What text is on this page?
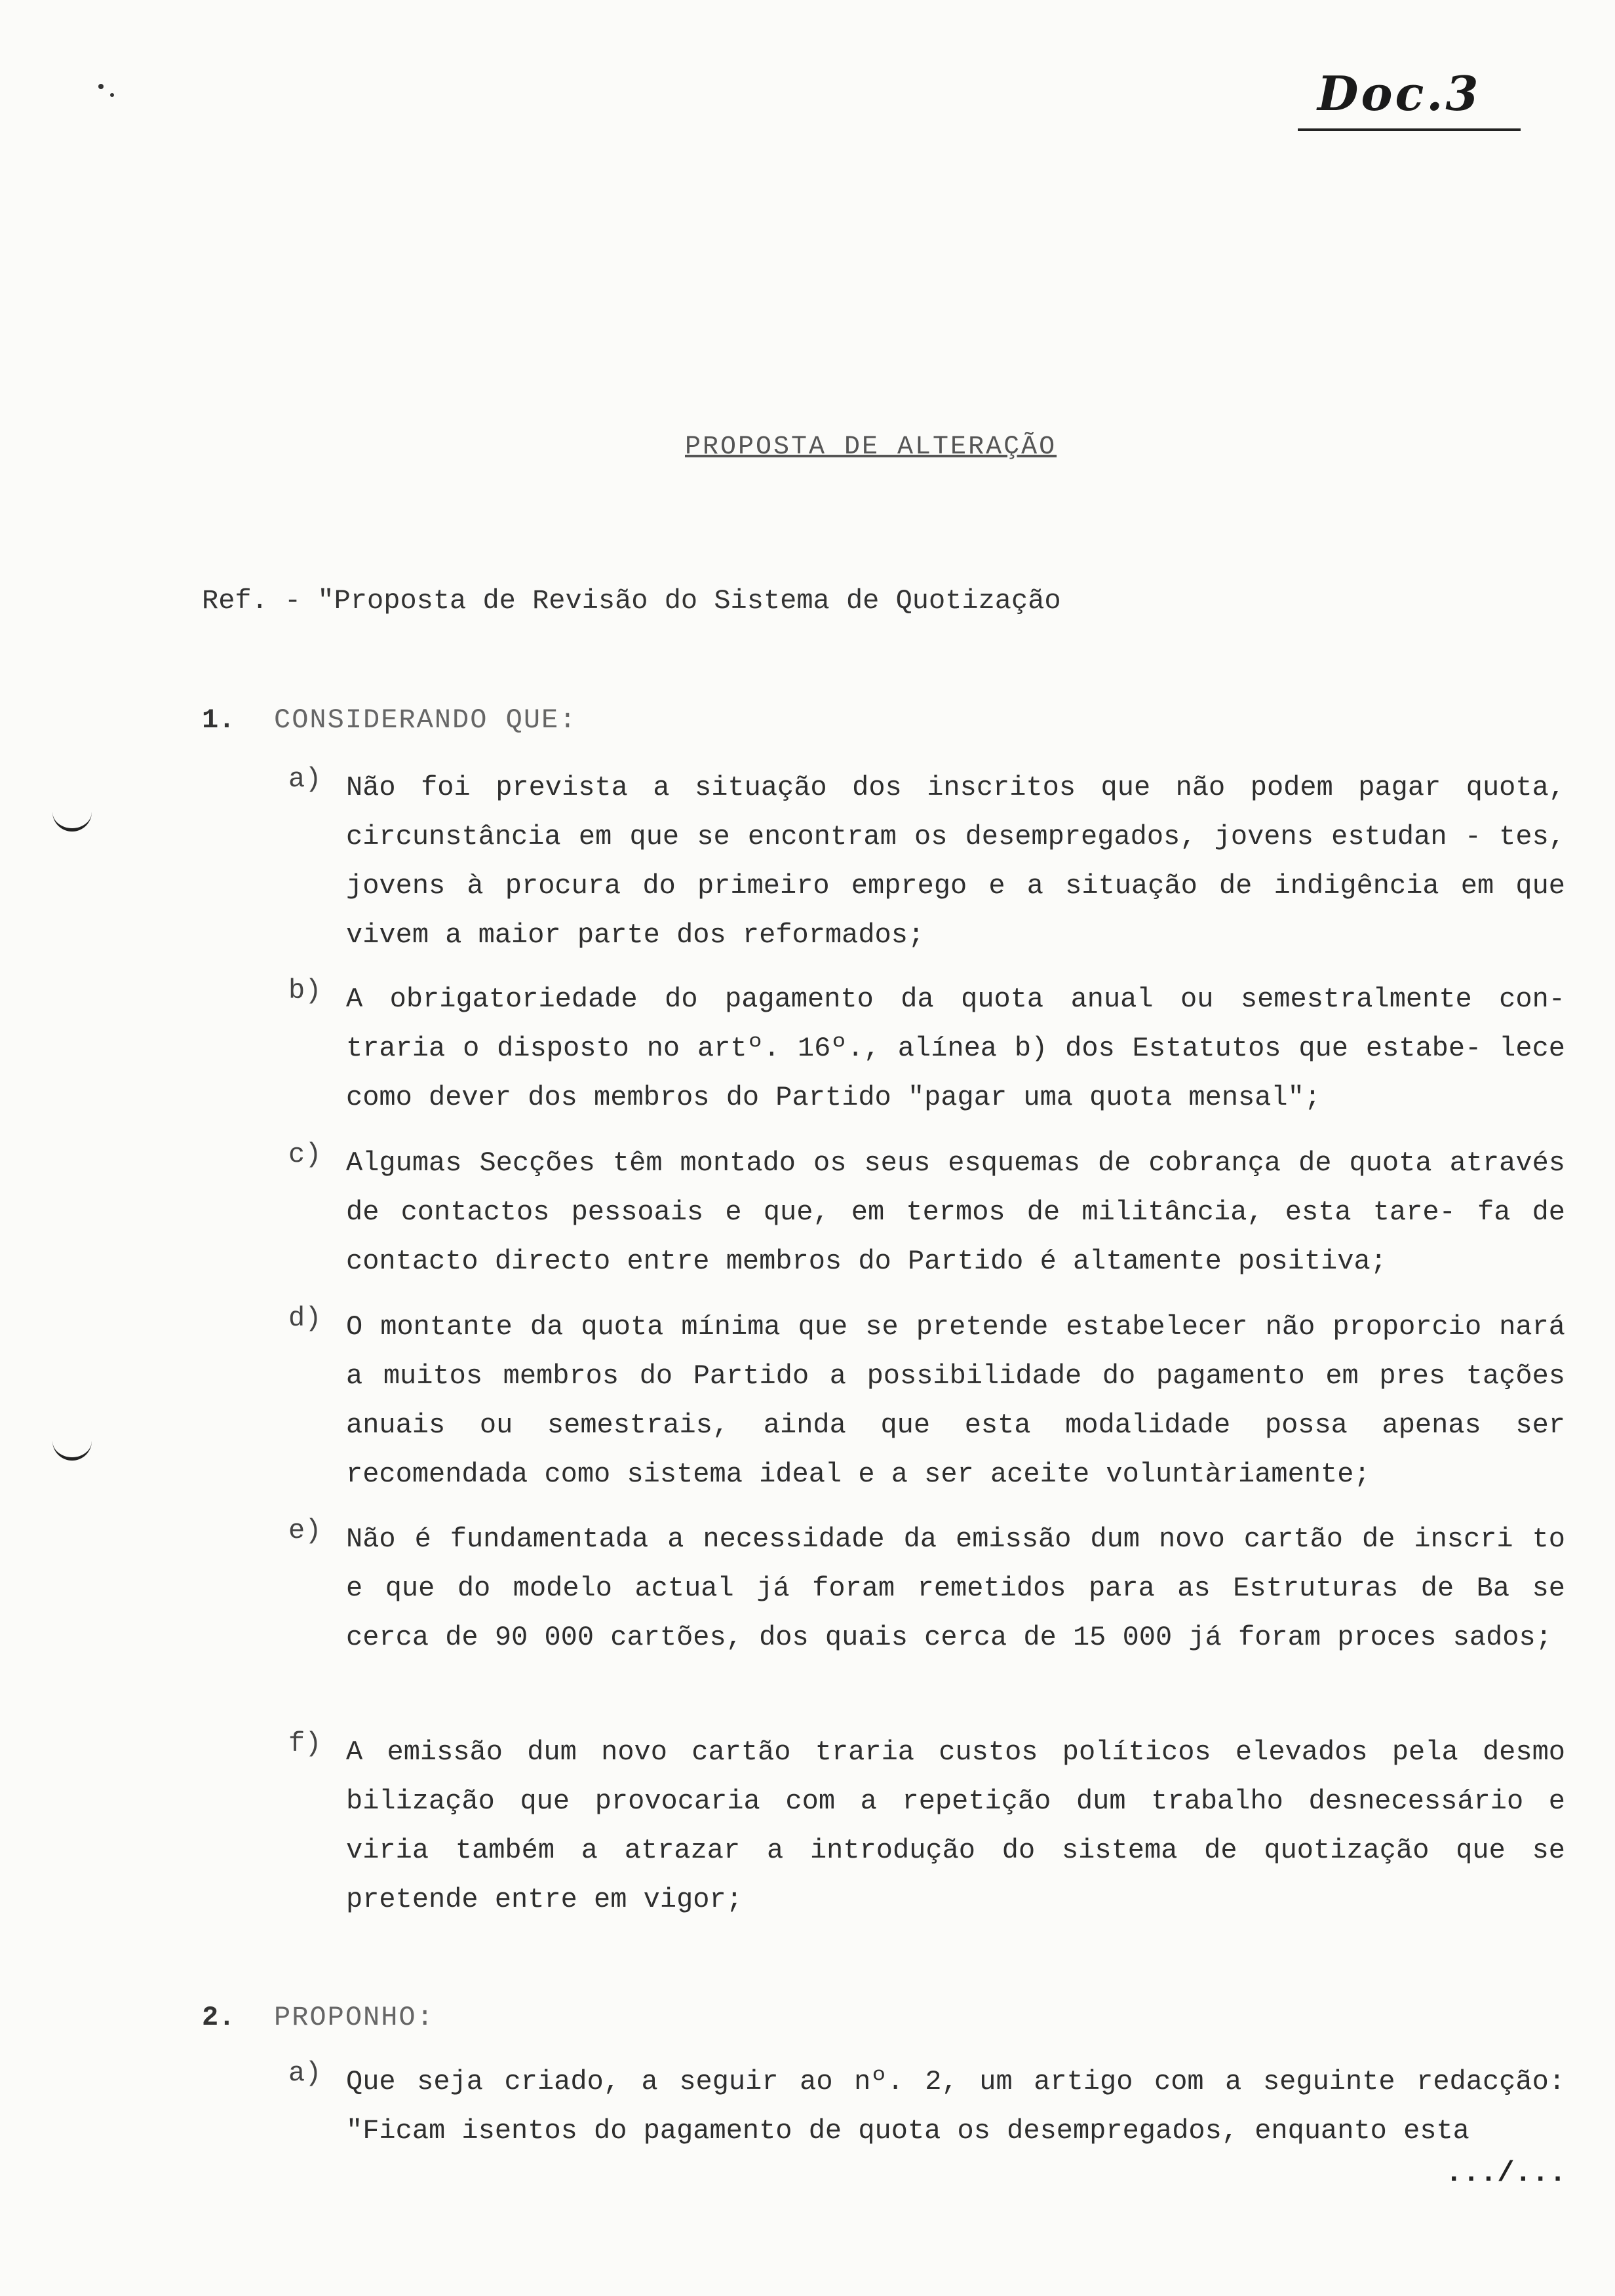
Doc.3
PROPOSTA DE ALTERAÇÃO
Ref. - "Proposta de Revisão do Sistema de Quotização
1. CONSIDERANDO QUE:
a) Não foi prevista a situação dos inscritos que não podem pagar quota, circunstância em que se encontram os desempregados, jovens estudan - tes, jovens à procura do primeiro emprego e a situação de indigência em que vivem a maior parte dos reformados;
b) A obrigatoriedade do pagamento da quota anual ou semestralmente con- traria o disposto no artº. 16º., alínea b) dos Estatutos que estabe- lece como dever dos membros do Partido "pagar uma quota mensal";
c) Algumas Secções têm montado os seus esquemas de cobrança de quota através de contactos pessoais e que, em termos de militância, esta tare- fa de contacto directo entre membros do Partido é altamente positiva;
d) O montante da quota mínima que se pretende estabelecer não proporcio nará a muitos membros do Partido a possibilidade do pagamento em pres tações anuais ou semestrais, ainda que esta modalidade possa apenas ser recomendada como sistema ideal e a ser aceite voluntàriamente;
e) Não é fundamentada a necessidade da emissão dum novo cartão de inscri to e que do modelo actual já foram remetidos para as Estruturas de Ba se cerca de 90 000 cartões, dos quais cerca de 15 000 já foram proces sados;
f) A emissão dum novo cartão traria custos políticos elevados pela desmo bilização que provocaria com a repetição dum trabalho desnecessário e viria também a atrazar a introdução do sistema de quotização que se pretende entre em vigor;
2. PROPONHO:
a) Que seja criado, a seguir ao nº. 2, um artigo com a seguinte redacção: "Ficam isentos do pagamento de quota os desempregados, enquanto esta
.../...
